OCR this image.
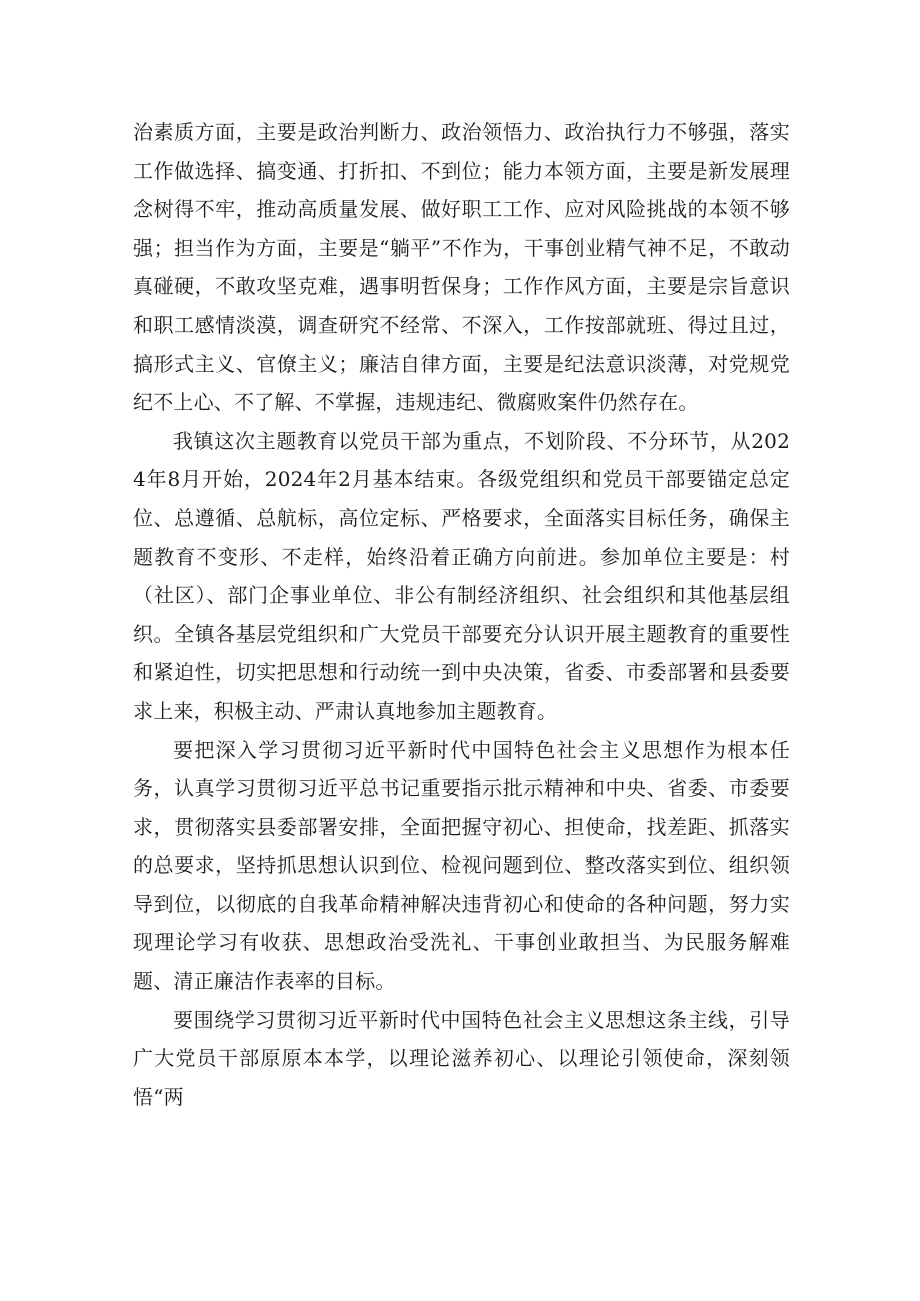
治素质方面，主要是政治判断力、政治领悟力、政治执行力不够强，落实工作做选择、搞变通、打折扣、不到位；能力本领方面，主要是新发展理念树得不牢，推动高质量发展、做好职工工作、应对风险挑战的本领不够强；担当作为方面，主要是“躺平”不作为，干事创业精气神不足，不敢动真碰硬，不敢攻坚克难，遇事明哲保身；工作作风方面，主要是宗旨意识和职工感情淡漠，调查研究不经常、不深入，工作按部就班、得过且过，搞形式主义、官僚主义；廉洁自律方面，主要是纪法意识淡薄，对党规党纪不上心、不了解、不掌握，违规违纪、微腐败案件仍然存在。

我镇这次主题教育以党员干部为重点，不划阶段、不分环节，从2024年8月开始，2024年2月基本结束。各级党组织和党员干部要锚定总定位、总遵循、总航标，高位定标、严格要求，全面落实目标任务，确保主题教育不变形、不走样，始终沿着正确方向前进。参加单位主要是：村（社区）、部门企事业单位、非公有制经济组织、社会组织和其他基层组织。全镇各基层党组织和广大党员干部要充分认识开展主题教育的重要性和紧迫性，切实把思想和行动统一到中央决策，省委、市委部署和县委要求上来，积极主动、严肃认真地参加主题教育。

要把深入学习贯彻习近平新时代中国特色社会主义思想作为根本任务，认真学习贯彻习近平总书记重要指示批示精神和中央、省委、市委要求，贯彻落实县委部署安排，全面把握守初心、担使命，找差距、抓落实的总要求，坚持抓思想认识到位、检视问题到位、整改落实到位、组织领导到位，以彻底的自我革命精神解决违背初心和使命的各种问题，努力实现理论学习有收获、思想政治受洗礼、干事创业敢担当、为民服务解难题、清正廉洁作表率的目标。

要围绕学习贯彻习近平新时代中国特色社会主义思想这条主线，引导广大党员干部原原本本学，以理论滋养初心、以理论引领使命，深刻领悟“两
